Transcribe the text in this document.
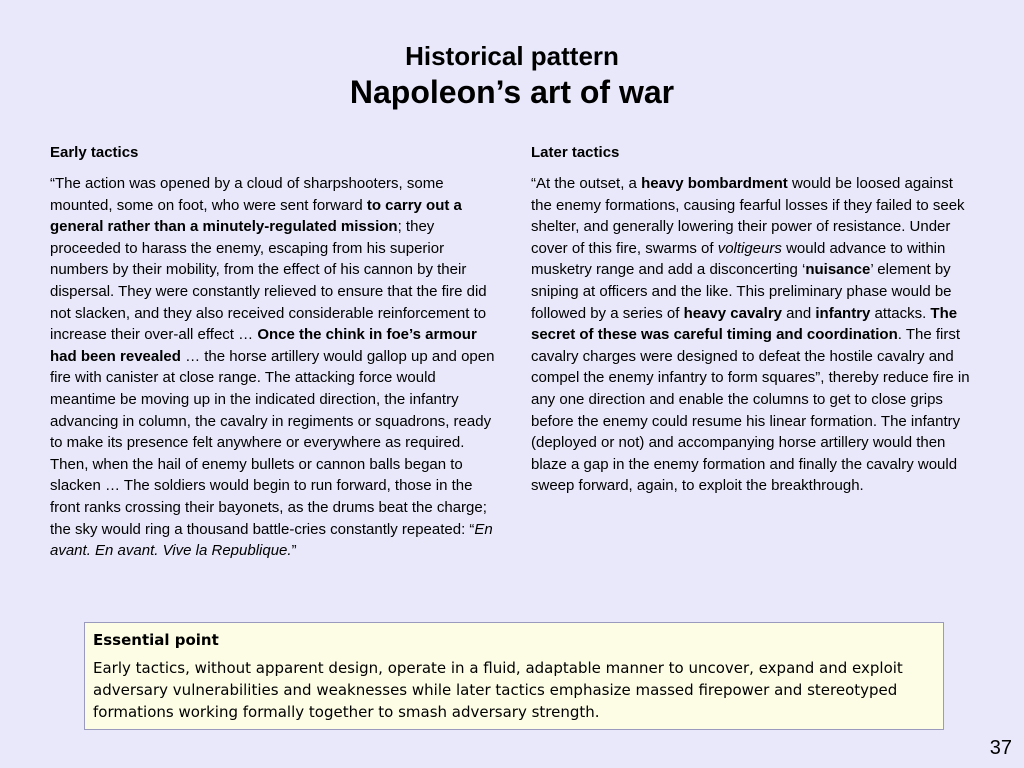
Historical pattern
Napoleon’s art of war

Early tactics

“The action was opened by a cloud of sharpshooters, some mounted, some on foot, who were sent forward to carry out a general rather than a minutely-regulated mission; they proceeded to harass the enemy, escaping from his superior numbers by their mobility, from the effect of his cannon by their dispersal. They were constantly relieved to ensure that the fire did not slacken, and they also received considerable reinforcement to increase their over-all effect … Once the chink in foe’s armour had been revealed … the horse artillery would gallop up and open fire with canister at close range. The attacking force would meantime be moving up in the indicated direction, the infantry advancing in column, the cavalry in regiments or squadrons, ready to make its presence felt anywhere or everywhere as required. Then, when the hail of enemy bullets or cannon balls began to slacken … The soldiers would begin to run forward, those in the front ranks crossing their bayonets, as the drums beat the charge; the sky would ring a thousand battle-cries constantly repeated: “En avant. En avant. Vive la Republique.”

Later tactics

“At the outset, a heavy bombardment would be loosed against the enemy formations, causing fearful losses if they failed to seek shelter, and generally lowering their power of resistance. Under cover of this fire, swarms of voltigeurs would advance to within musketry range and add a disconcerting ‘nuisance’ element by sniping at officers and the like. This preliminary phase would be followed by a series of heavy cavalry and infantry attacks. The secret of these was careful timing and coordination. The first cavalry charges were designed to defeat the hostile cavalry and compel the enemy infantry to form squares”, thereby reduce fire in any one direction and enable the columns to get to close grips before the enemy could resume his linear formation. The infantry (deployed or not) and accompanying horse artillery would then blaze a gap in the enemy formation and finally the cavalry would sweep forward, again, to exploit the breakthrough.

Essential point

Early tactics, without apparent design, operate in a fluid, adaptable manner to uncover, expand and exploit adversary vulnerabilities and weaknesses while later tactics emphasize massed firepower and stereotyped formations working formally together to smash adversary strength.

37
